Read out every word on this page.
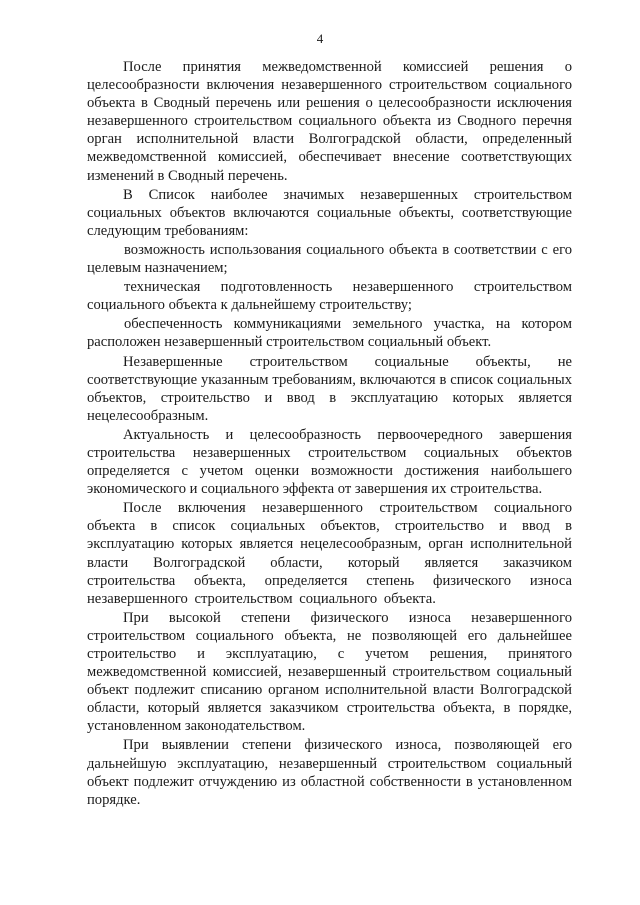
4

После принятия межведомственной комиссией решения о целесообразности включения незавершенного строительством социального объекта в Сводный перечень или решения о целесообразности исключения незавершенного строительством социального объекта из Сводного перечня орган исполнительной власти Волгоградской области, определенный межведомственной комиссией, обеспечивает внесение соответствующих изменений в Сводный перечень.

В Список наиболее значимых незавершенных строительством социальных объектов включаются социальные объекты, соответствующие следующим требованиям:

возможность использования социального объекта в соответствии с его целевым назначением;

техническая подготовленность незавершенного строительством социального объекта к дальнейшему строительству;

обеспеченность коммуникациями земельного участка, на котором расположен незавершенный строительством социальный объект.

Незавершенные строительством социальные объекты, не соответствующие указанным требованиям, включаются в список социальных объектов, строительство и ввод в эксплуатацию которых является нецелесообразным.

Актуальность и целесообразность первоочередного завершения строительства незавершенных строительством социальных объектов определяется с учетом оценки возможности достижения наибольшего экономического и социального эффекта от завершения их строительства.

После включения незавершенного строительством социального объекта в список социальных объектов, строительство и ввод в эксплуатацию которых является нецелесообразным, орган исполнительной власти Волгоградской области, который является заказчиком строительства объекта, определяется степень физического износа незавершенного строительством социального объекта.

При высокой степени физического износа незавершенного строительством социального объекта, не позволяющей его дальнейшее строительство и эксплуатацию, с учетом решения, принятого межведомственной комиссией, незавершенный строительством социальный объект подлежит списанию органом исполнительной власти Волгоградской области, который является заказчиком строительства объекта, в порядке, установленном законодательством.

При выявлении степени физического износа, позволяющей его дальнейшую эксплуатацию, незавершенный строительством социальный объект подлежит отчуждению из областной собственности в установленном порядке.
